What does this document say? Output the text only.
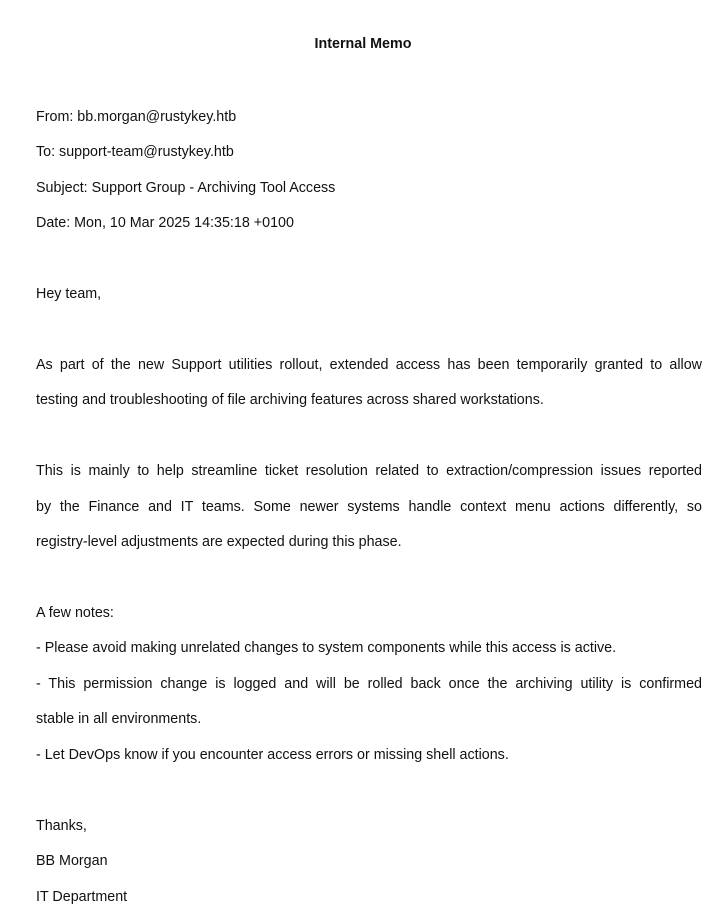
Internal Memo
From: bb.morgan@rustykey.htb
To: support-team@rustykey.htb
Subject: Support Group - Archiving Tool Access
Date: Mon, 10 Mar 2025 14:35:18 +0100
Hey team,
As part of the new Support utilities rollout, extended access has been temporarily granted to allow
testing and troubleshooting of file archiving features across shared workstations.
This is mainly to help streamline ticket resolution related to extraction/compression issues reported
by the Finance and IT teams. Some newer systems handle context menu actions differently, so
registry-level adjustments are expected during this phase.
A few notes:
- Please avoid making unrelated changes to system components while this access is active.
- This permission change is logged and will be rolled back once the archiving utility is confirmed
stable in all environments.
- Let DevOps know if you encounter access errors or missing shell actions.
Thanks,
BB Morgan
IT Department
